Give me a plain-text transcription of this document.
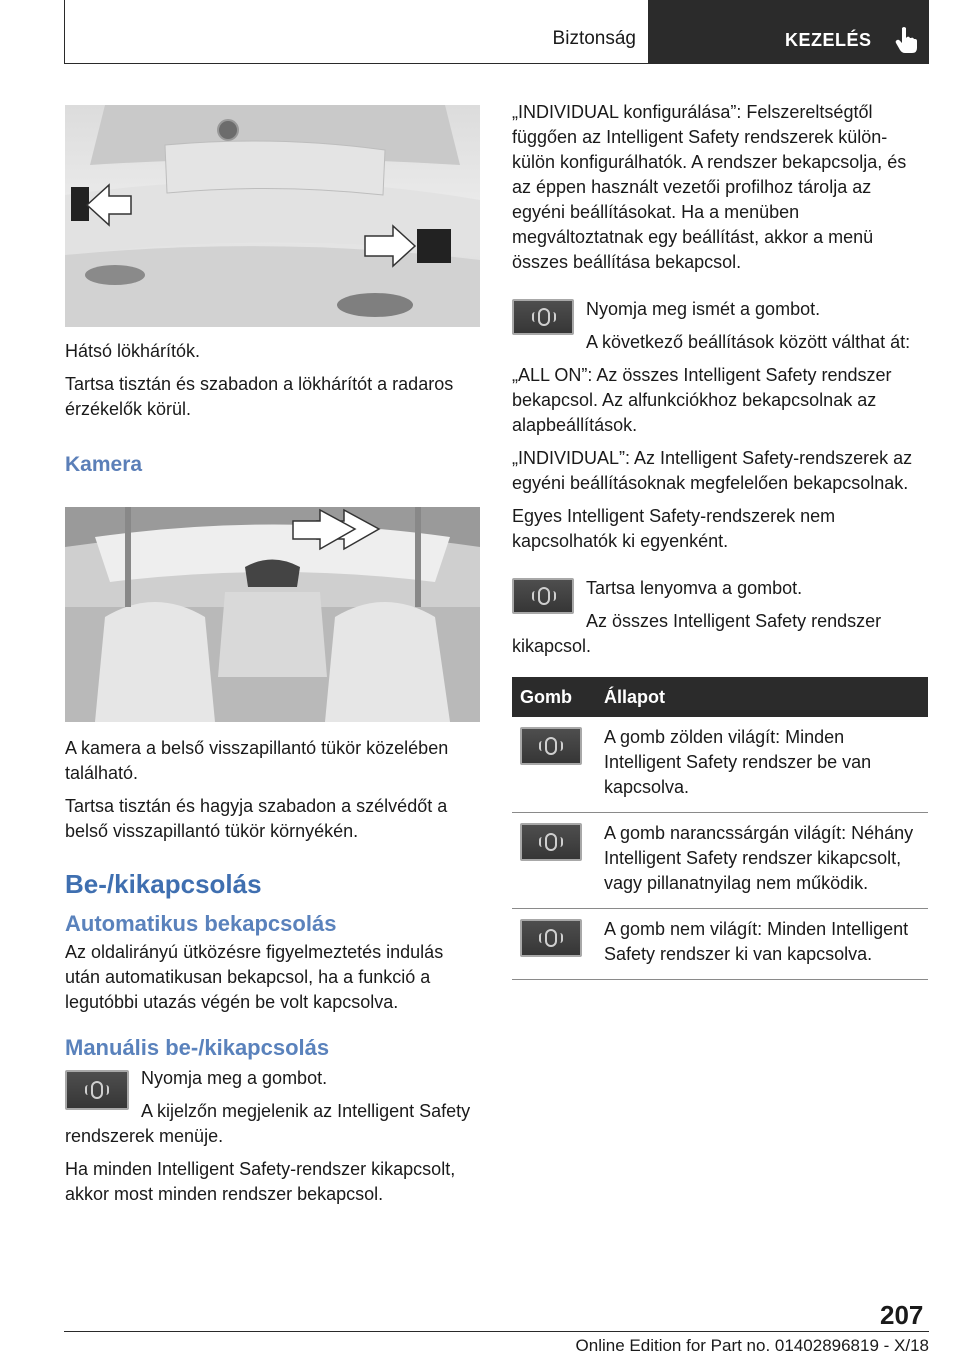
Biztonság	KEZELÉS

Hátsó lökhárítók.

Tartsa tisztán és szabadon a lökhárítót a radaros érzékelők körül.

Kamera

A kamera a belső visszapillantó tükör közelében található.

Tartsa tisztán és hagyja szabadon a szélvédőt a belső visszapillantó tükör környékén.

Be-/kikapcsolás
Automatikus bekapcsolás

Az oldalirányú ütközésre figyelmeztetés indulás után automatikusan bekapcsol, ha a funkció a legutóbbi utazás végén be volt kapcsolva.

Manuális be-/kikapcsolás

Nyomja meg a gombot.

A kijelzőn megjelenik az Intelligent Safety rendszerek menüje.

Ha minden Intelligent Safety-rendszer kikapcsolt, akkor most minden rendszer bekapcsol.

„INDIVIDUAL konfigurálása”: Felszereltségtől függően az Intelligent Safety rendszerek külön-külön konfigurálhatók. A rendszer bekapcsolja, és az éppen használt vezetői profilhoz tárolja az egyéni beállításokat. Ha a menüben megváltoztatnak egy beállítást, akkor a menü összes beállítása bekapcsol.

Nyomja meg ismét a gombot.

A következő beállítások között válthat át:

„ALL ON”: Az összes Intelligent Safety rendszer bekapcsol. Az alfunkciókhoz bekapcsolnak az alapbeállítások.

„INDIVIDUAL”: Az Intelligent Safety-rendszerek az egyéni beállításoknak megfelelően bekapcsolnak.

Egyes Intelligent Safety-rendszerek nem kapcsolhatók ki egyenként.

Tartsa lenyomva a gombot.

Az összes Intelligent Safety rendszer kikapcsol.

Gomb	Állapot

	A gomb zölden világít: Minden Intelligent Safety rendszer be van kapcsolva.

	A gomb narancssárgán világít: Néhány Intelligent Safety rendszer kikapcsolt, vagy pillanatnyilag nem működik.

	A gomb nem világít: Minden Intelligent Safety rendszer ki van kapcsolva.
207
Online Edition for Part no. 01402896819 - X/18
